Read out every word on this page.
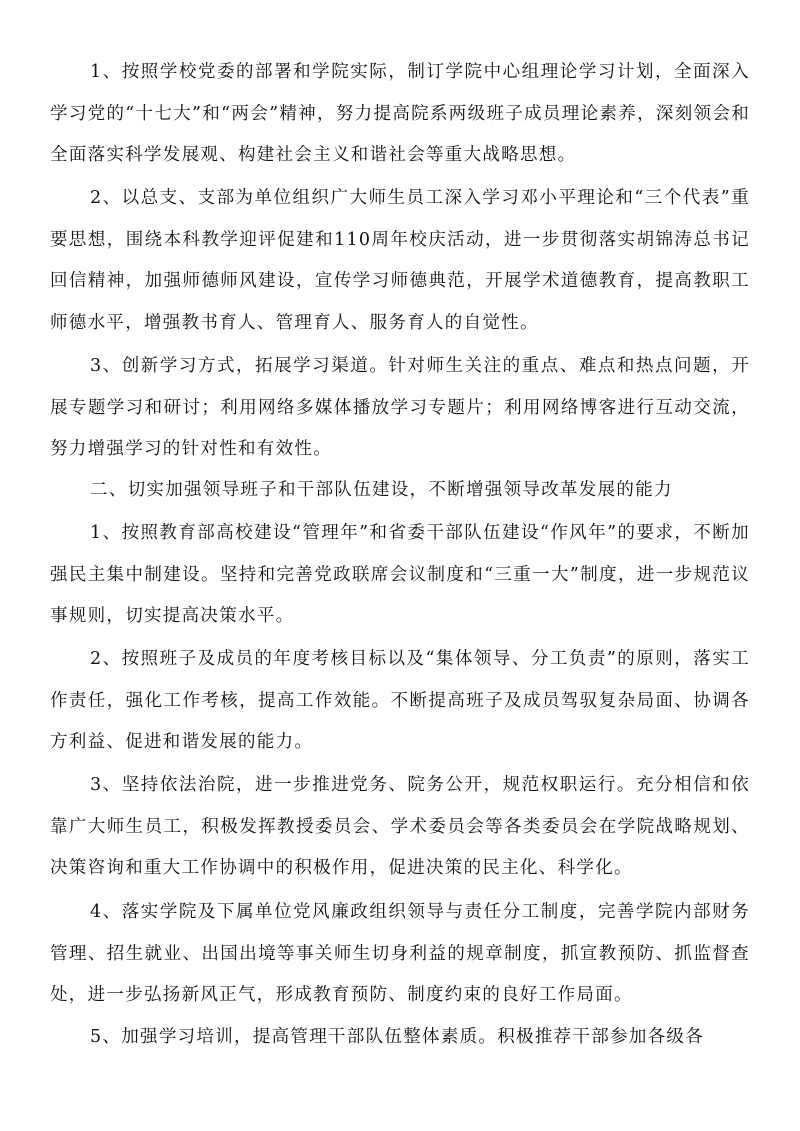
1、按照学校党委的部署和学院实际，制订学院中心组理论学习计划，全面深入学习党的“十七大”和“两会”精神，努力提高院系两级班子成员理论素养，深刻领会和全面落实科学发展观、构建社会主义和谐社会等重大战略思想。

2、以总支、支部为单位组织广大师生员工深入学习邓小平理论和“三个代表”重要思想，围绕本科教学迎评促建和110周年校庆活动，进一步贯彻落实胡锦涛总书记回信精神，加强师德师风建设，宣传学习师德典范，开展学术道德教育，提高教职工师德水平，增强教书育人、管理育人、服务育人的自觉性。

3、创新学习方式，拓展学习渠道。针对师生关注的重点、难点和热点问题，开展专题学习和研讨；利用网络多媒体播放学习专题片；利用网络博客进行互动交流，努力增强学习的针对性和有效性。

二、切实加强领导班子和干部队伍建设，不断增强领导改革发展的能力

1、按照教育部高校建设“管理年”和省委干部队伍建设“作风年”的要求，不断加强民主集中制建设。坚持和完善党政联席会议制度和“三重一大”制度，进一步规范议事规则，切实提高决策水平。

2、按照班子及成员的年度考核目标以及“集体领导、分工负责”的原则，落实工作责任，强化工作考核，提高工作效能。不断提高班子及成员驾驭复杂局面、协调各方利益、促进和谐发展的能力。

3、坚持依法治院，进一步推进党务、院务公开，规范权职运行。充分相信和依靠广大师生员工，积极发挥教授委员会、学术委员会等各类委员会在学院战略规划、决策咨询和重大工作协调中的积极作用，促进决策的民主化、科学化。

4、落实学院及下属单位党风廉政组织领导与责任分工制度，完善学院内部财务管理、招生就业、出国出境等事关师生切身利益的规章制度，抓宣教预防、抓监督查处，进一步弘扬新风正气，形成教育预防、制度约束的良好工作局面。

5、加强学习培训，提高管理干部队伍整体素质。积极推荐干部参加各级各
